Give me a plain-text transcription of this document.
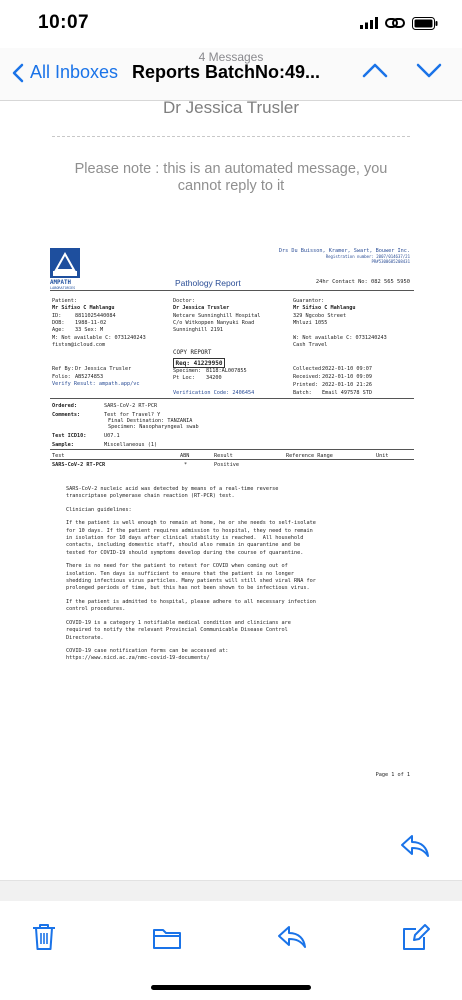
10:07
4 Messages
All Inboxes Reports BatchNo:49...
Dr Jessica Trusler
Please note : this is an automated message, you cannot reply to it
AMPATH
LABORATORIES
Drs Du Buisson, Kramer, Swart, Bouwer Inc.
Registration number: 2007/014637/21
PR#5300685208431
Pathology Report	24hr Contact No: 082 565 5950
Patient:
Mr Sifiso C Mahlangu
ID:	8811025440084
DOB: 1988-11-02
Age: 33 Sex: M
M: Not available C: 0731240243
fistsm@icloud.com
Doctor:
Dr Jessica Trusler
Netcare Sunninghill Hospital
C/o Witkoppen Nanyuki Road
Sunninghill 2191
Guarantor:
Mr Sifiso C Mahlangu
329 Ngcobo Street
Mhluzi 1055
W: Not available C: 0731240243
Cash Travel
COPY REPORT
Req: 41229950
Specimen: 8118:AL007855
Pt Loc: 34200
Verification Code: 2406454
Ref By: Dr Jessica Trusler
Folio: AB5274853
Verify Result: ampath.app/vc
Collected:
2022-01-10 09:07
Received: 2022-01-10 09:09
Printed: 2022-01-10 21:26
Batch: Email 497578 STD
Ordered:	SARS-CoV-2 RT-PCR
Comments:	Test for Travel? Y
Final Destination: TANZANIA
Specimen: Nasopharyngeal swab
Test ICD10:	U07.1
Sample:	Miscellaneous (1)
Test	ABN	Result	Reference Range	Unit
SARS-CoV-2 RT-PCR	*	Positive

SARS-CoV-2 nucleic acid was detected by means of a real-time reverse
transcriptase polymerase chain reaction (RT-PCR) test.

Clinician guidelines:

If the patient is well enough to remain at home, he or she needs to self-isolate
for 10 days. If the patient requires admission to hospital, they need to remain
in isolation for 10 days after clinical stability is reached.  All household
contacts, including domestic staff, should also remain in quarantine and be
tested for COVID-19 should symptoms develop during the course of quarantine.

There is no need for the patient to retest for COVID when coming out of
isolation. Ten days is sufficient to ensure that the patient is no longer
shedding infectious virus particles. Many patients will still shed viral RNA for
prolonged periods of time, but this has not been shown to be infectious virus.

If the patient is admitted to hospital, please adhere to all necessary infection
control procedures.

COVID-19 is a category 1 notifiable medical condition and clinicians are
required to notify the relevant Provincial Communicable Disease Control
Directorate.

COVID-19 case notification forms can be accessed at:
https://www.nicd.ac.za/nmc-covid-19-documents/

Page 1 of 1
